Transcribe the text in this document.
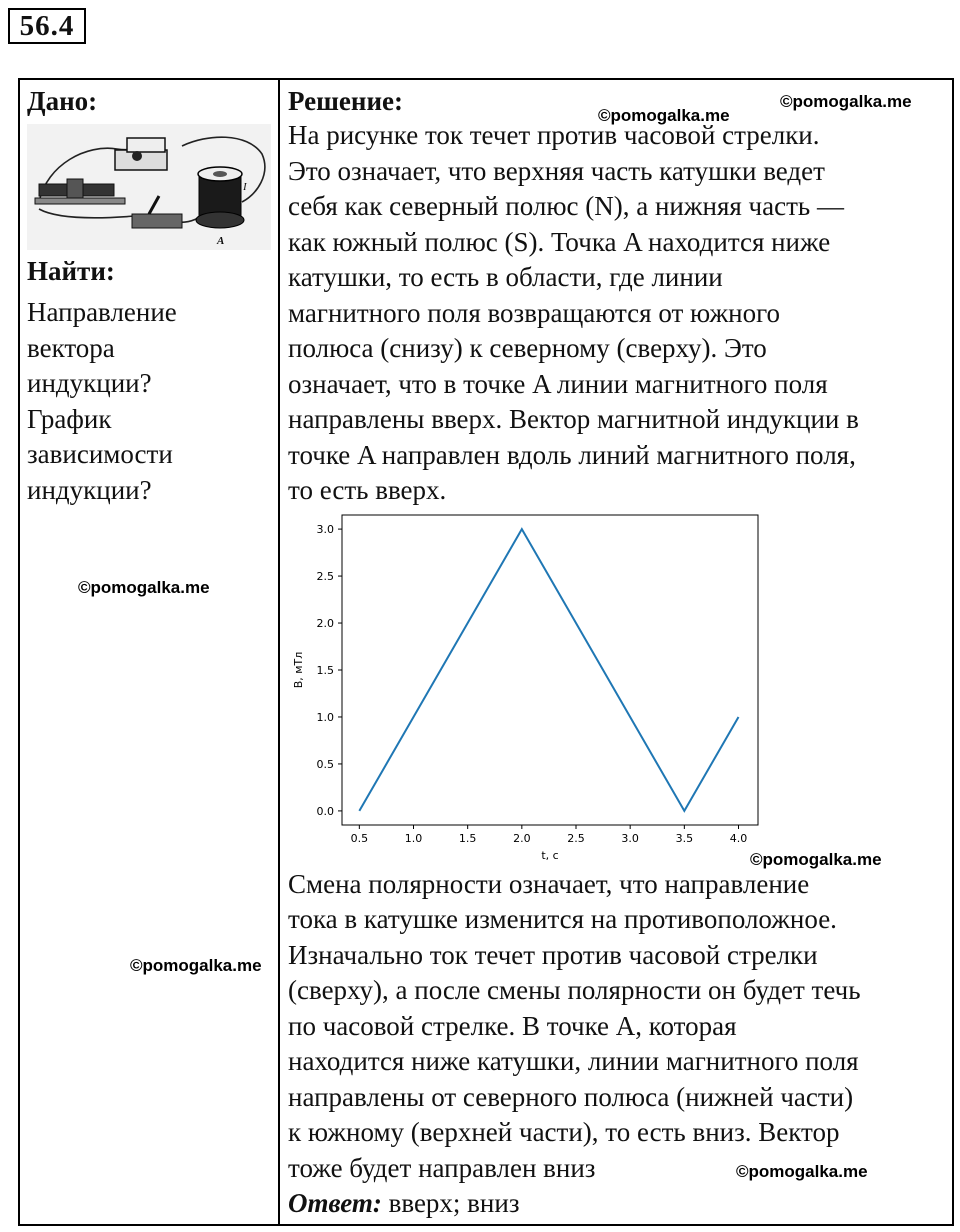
56.4

Дано:

I
A

Найти:

Направление

вектора

индукции?

График

зависимости

индукции?

Решение:

На рисунке ток течет против часовой стрелки.

Это означает, что верхняя часть катушки ведет

себя как северный полюс (N), а нижняя часть —

как южный полюс (S). Точка A находится ниже

катушки, то есть в области, где линии

магнитного поля возвращаются от южного

полюса (снизу) к северному (сверху). Это

означает, что в точке A линии магнитного поля

направлены вверх. Вектор магнитной индукции в

точке A направлен вдоль линий магнитного поля,

то есть вверх.

0.5	1.0	1.5	2.0	2.5	3.0	3.5	4.0
0.0
0.5
1.0
1.5
2.0
2.5
3.0
t, с
B, мТл

Смена полярности означает, что направление

тока в катушке изменится на противоположное.

Изначально ток течет против часовой стрелки

(сверху), а после смены полярности он будет течь

по часовой стрелке. В точке A, которая

находится ниже катушки, линии магнитного поля

направлены от северного полюса (нижней части)

к южному (верхней части), то есть вниз. Вектор

тоже будет направлен вниз

Ответ: вверх; вниз

©pomogalka.me
©pomogalka.me
©pomogalka.me
©pomogalka.me
©pomogalka.me
©pomogalka.me
